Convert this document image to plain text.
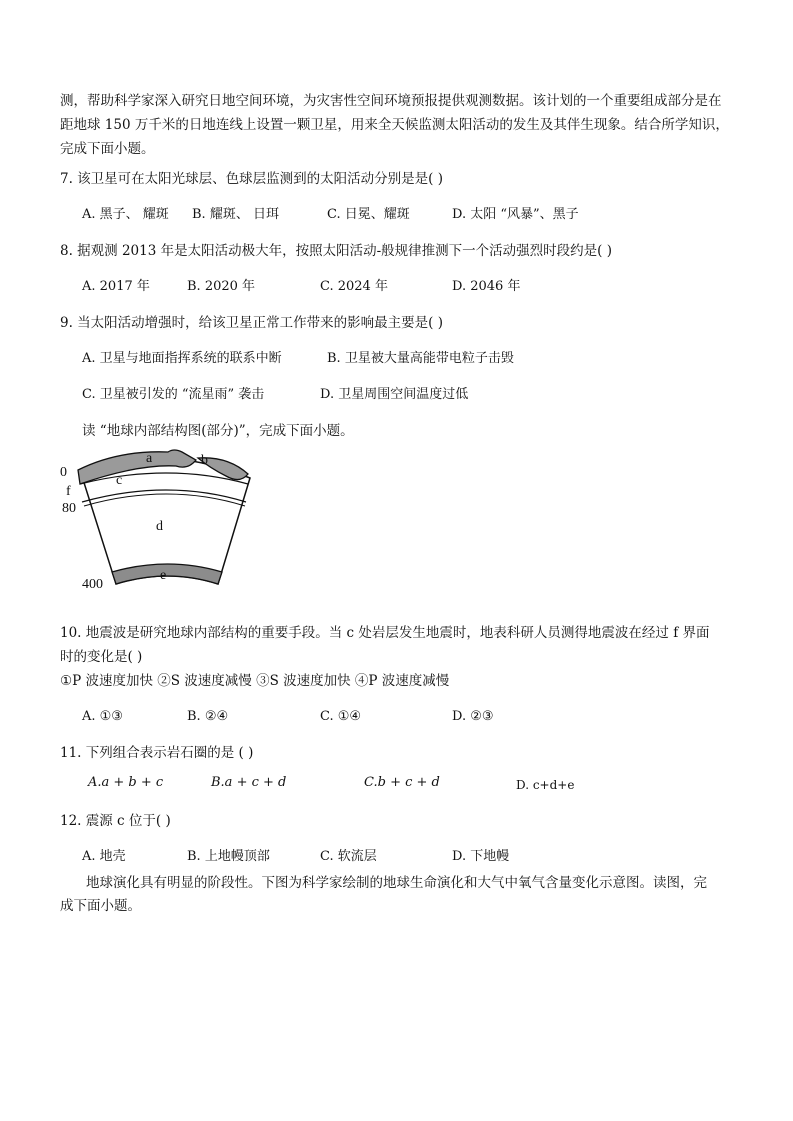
测，帮助科学家深入研究日地空间环境，为灾害性空间环境预报提供观测数据。该计划的一个重要组成部分是在
距地球 150 万千米的日地连线上设置一颗卫星，用来全天候监测太阳活动的发生及其伴生现象。结合所学知识，
完成下面小题。
7. 该卫星可在太阳光球层、色球层监测到的太阳活动分别是是( )
A. 黑子、 耀斑 B. 耀斑、 日珥	C. 日冕、耀斑	D. 太阳 “风暴”、黑子
8. 据观测 2013 年是太阳活动极大年，按照太阳活动-般规律推测下一个活动强烈时段约是( )
A. 2017 年	B. 2020 年	C. 2024 年	D. 2046 年
9. 当太阳活动增强时，给该卫星正常工作带来的影响最主要是( )
A. 卫星与地面指挥系统的联系中断	B. 卫星被大量高能带电粒子击毁
C. 卫星被引发的 “流星雨” 袭击	D. 卫星周围空间温度过低
读 “地球内部结构图(部分)”，完成下面小题。
0
f
80
400
a	b
c
d
e
10. 地震波是研究地球内部结构的重要手段。当 c 处岩层发生地震时，地表科研人员测得地震波在经过 f 界面
时的变化是( )
①P 波速度加快 ②S 波速度减慢 ③S 波速度加快 ④P 波速度减慢
A. ①③	B. ②④	C. ①④	D. ②③
11. 下列组合表示岩石圈的是 ( )
A.a + b + c	B.a + c + d	C.b + c + d	D. c+d+e
12. 震源 c 位于( )
A. 地壳	B. 上地幔顶部	C. 软流层	D. 下地幔
地球演化具有明显的阶段性。下图为科学家绘制的地球生命演化和大气中氧气含量变化示意图。读图，完
成下面小题。
